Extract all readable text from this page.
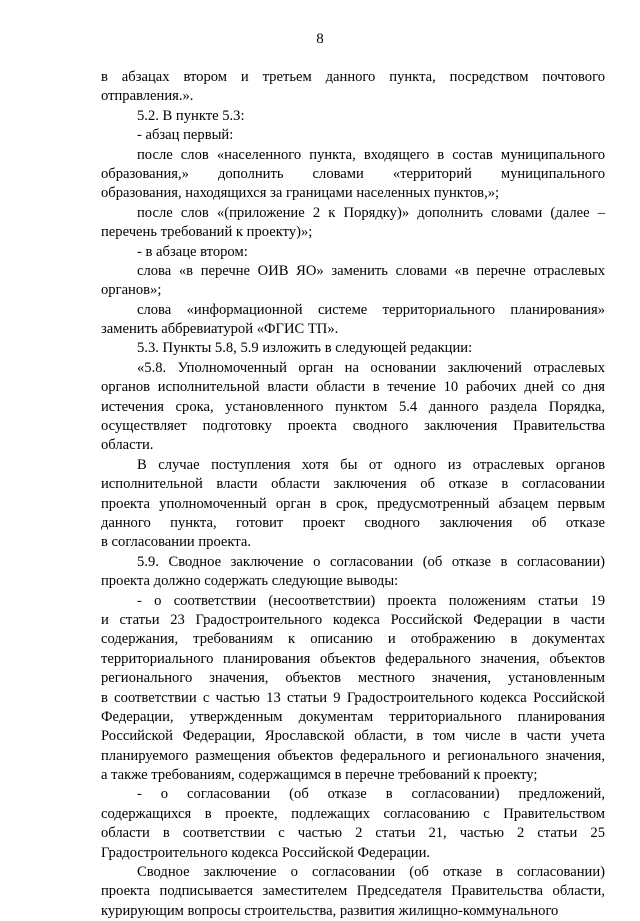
8
в абзацах втором и третьем данного пункта, посредством почтового
отправления.».
5.2. В пункте 5.3:
- абзац первый:
после слов «населенного пункта, входящего в состав муниципального
образования,» дополнить словами «территорий муниципального
образования, находящихся за границами населенных пунктов,»;
после слов «(приложение 2 к Порядку)» дополнить словами (далее –
перечень требований к проекту)»;
- в абзаце втором:
слова «в перечне ОИВ ЯО» заменить словами «в перечне отраслевых
органов»;
слова «информационной системе территориального планирования»
заменить аббревиатурой «ФГИС ТП».
5.3. Пункты 5.8, 5.9 изложить в следующей редакции:
«5.8. Уполномоченный орган на основании заключений отраслевых
органов исполнительной власти области в течение 10 рабочих дней со дня
истечения срока, установленного пунктом 5.4 данного раздела Порядка,
осуществляет подготовку проекта сводного заключения Правительства
области.
В случае поступления хотя бы от одного из отраслевых органов
исполнительной власти области заключения об отказе в согласовании
проекта уполномоченный орган в срок, предусмотренный абзацем первым
данного пункта, готовит проект сводного заключения об отказе
в согласовании проекта.
5.9. Сводное заключение о согласовании (об отказе в согласовании)
проекта должно содержать следующие выводы:
- о соответствии (несоответствии) проекта положениям статьи 19
и статьи 23 Градостроительного кодекса Российской Федерации в части
содержания, требованиям к описанию и отображению в документах
территориального планирования объектов федерального значения, объектов
регионального значения, объектов местного значения, установленным
в соответствии с частью 13 статьи 9 Градостроительного кодекса Российской
Федерации, утвержденным документам территориального планирования
Российской Федерации, Ярославской области, в том числе в части учета
планируемого размещения объектов федерального и регионального значения,
а также требованиям, содержащимся в перечне требований к проекту;
- о согласовании (об отказе в согласовании) предложений,
содержащихся в проекте, подлежащих согласованию с Правительством
области в соответствии с частью 2 статьи 21, частью 2 статьи 25
Градостроительного кодекса Российской Федерации.
Сводное заключение о согласовании (об отказе в согласовании)
проекта подписывается заместителем Председателя Правительства области,
курирующим вопросы строительства, развития жилищно-коммунального
